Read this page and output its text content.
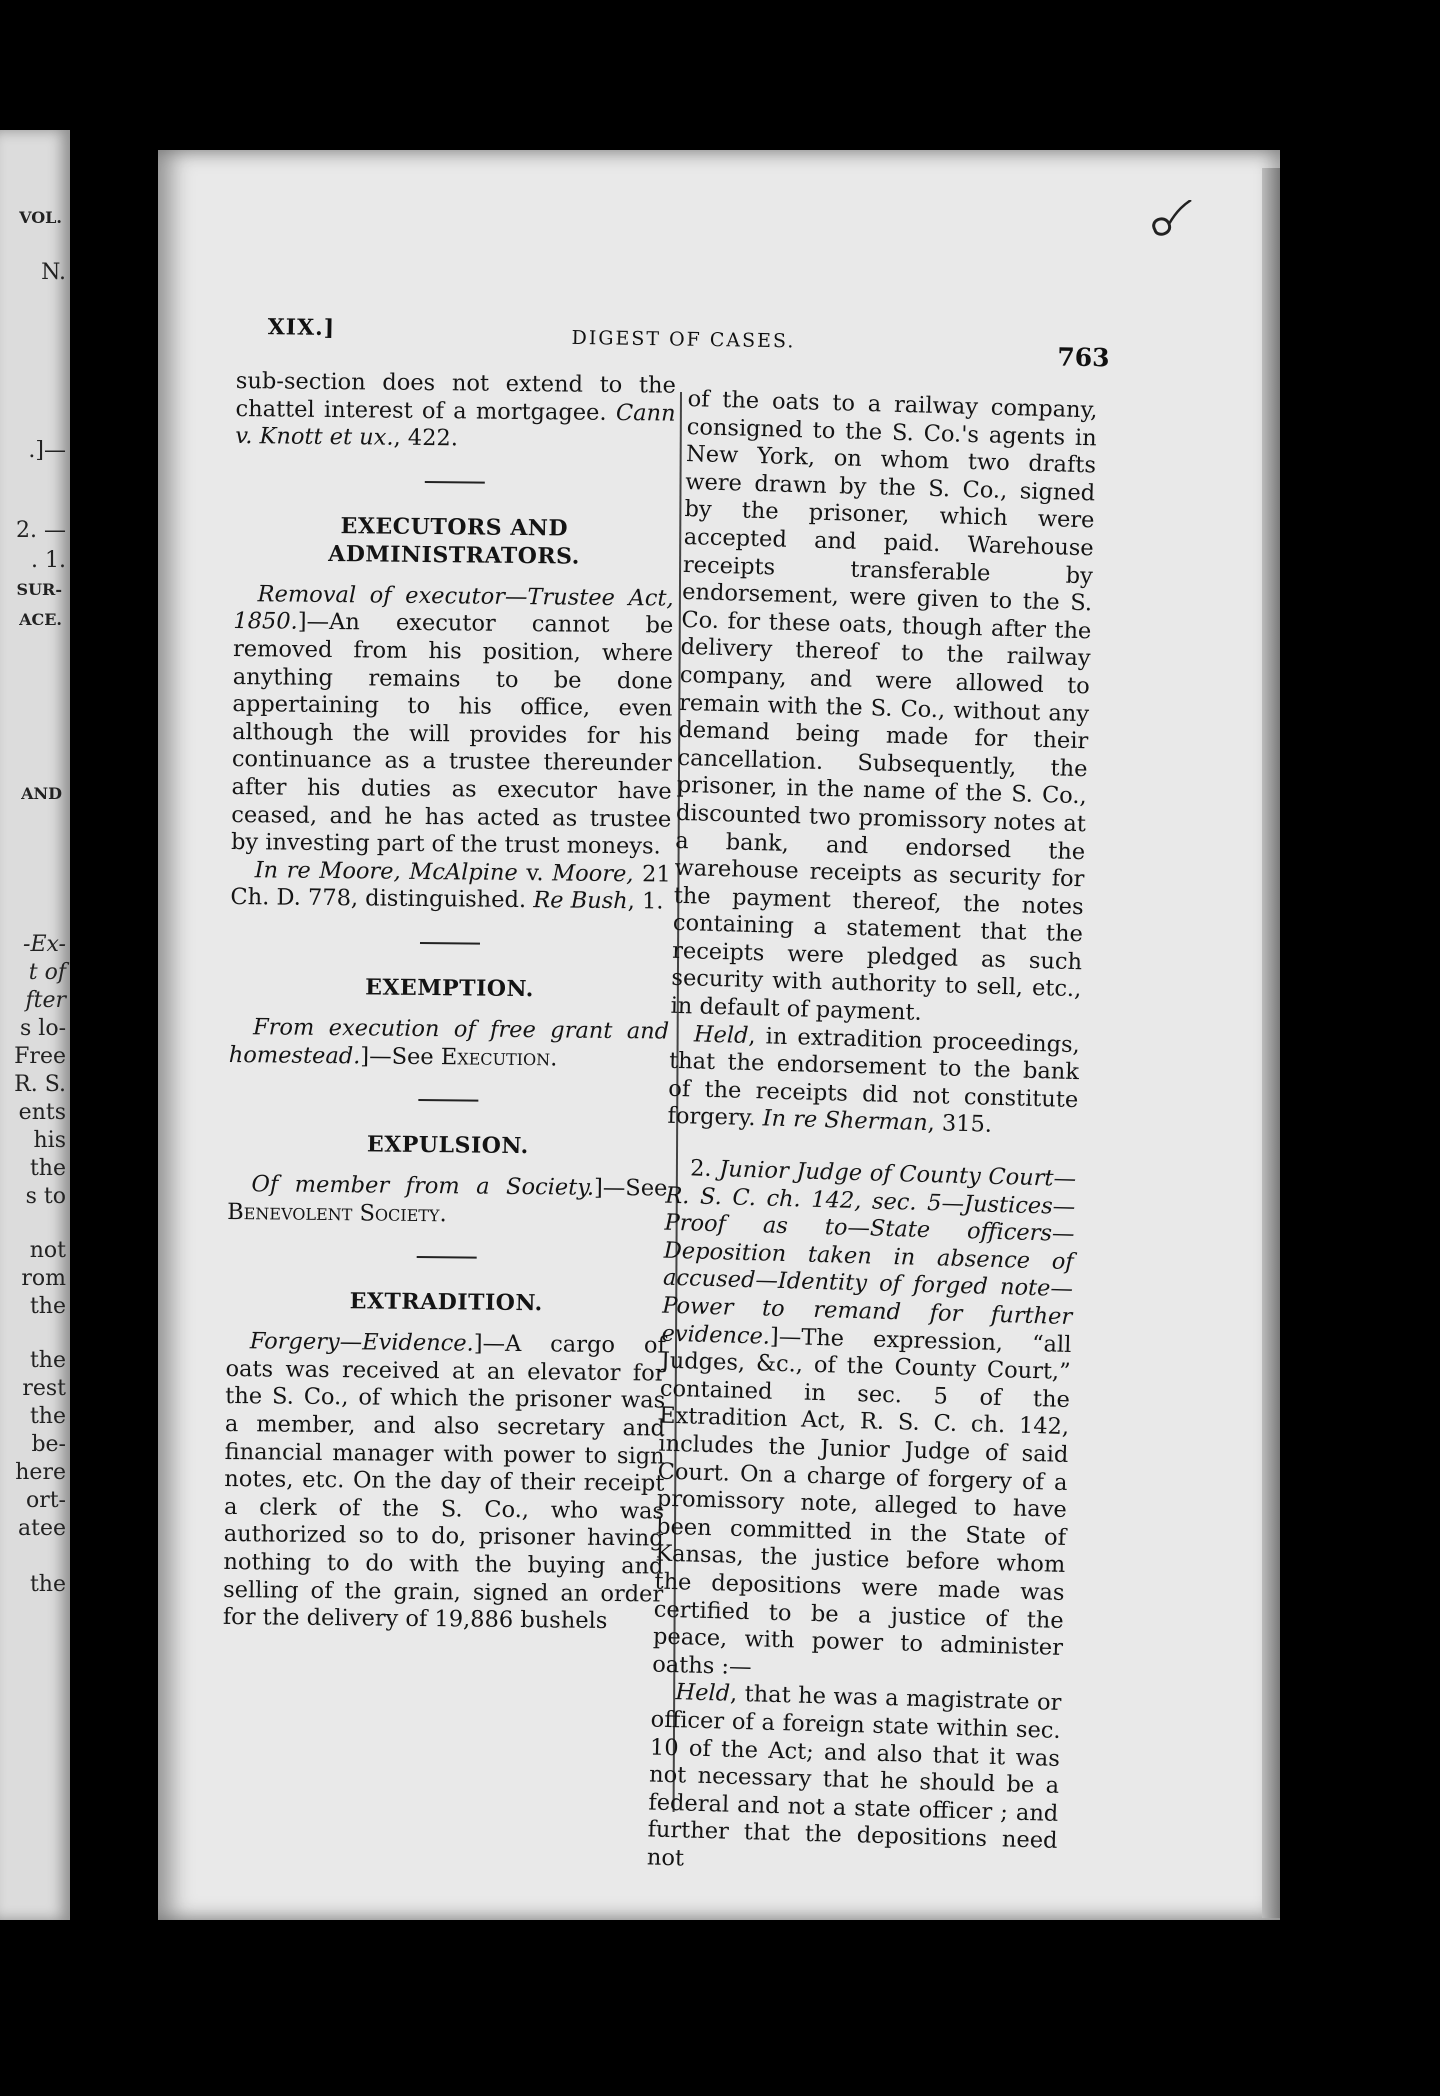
VOL.
N.
.]—
2. —
. 1.
SUR-
ACE.
AND
-Ex-
t of
fter
s lo-
Free
R. S.
ents
his
the
s to
not
rom
the
the
rest
the
be-
here
ort-
atee
the
XIX.]	DIGEST OF CASES.
763

sub-section does not extend to the chattel interest of a mortgagee. Cann v. Knott et ux., 422.

EXECUTORS AND ADMINISTRATORS.

Removal of executor—Trustee Act, 1850.]—An executor cannot be removed from his position, where anything remains to be done appertaining to his office, even although the will provides for his continuance as a trustee thereunder after his duties as executor have ceased, and he has acted as trustee by investing part of the trust moneys.

In re Moore, McAlpine v. Moore, 21 Ch. D. 778, distinguished. Re Bush, 1.

EXEMPTION.

From execution of free grant and homestead.]—See Execution.

EXPULSION.

Of member from a Society.]—See Benevolent Society.

EXTRADITION.

Forgery—Evidence.]—A cargo of oats was received at an elevator for the S. Co., of which the prisoner was a member, and also secretary and financial manager with power to sign notes, etc. On the day of their receipt a clerk of the S. Co., who was authorized so to do, prisoner having nothing to do with the buying and selling of the grain, signed an order for the delivery of 19,886 bushels

of the oats to a railway company, consigned to the S. Co.'s agents in New York, on whom two drafts were drawn by the S. Co., signed by the prisoner, which were accepted and paid. Warehouse receipts transferable by endorsement, were given to the S. Co. for these oats, though after the delivery thereof to the railway company, and were allowed to remain with the S. Co., without any demand being made for their cancellation. Subsequently, the prisoner, in the name of the S. Co., discounted two promissory notes at a bank, and endorsed the warehouse receipts as security for the payment thereof, the notes containing a statement that the receipts were pledged as such security with authority to sell, etc., in default of payment.

Held, in extradition proceedings, that the endorsement to the bank of the receipts did not constitute forgery. In re Sherman, 315.

2. Junior Judge of County Court—R. S. C. ch. 142, sec. 5—Justices—Proof as to—State officers—Deposition taken in absence of accused—Identity of forged note—Power to remand for further evidence.]—The expression, “all Judges, &c., of the County Court,” contained in sec. 5 of the Extradition Act, R. S. C. ch. 142, includes the Junior Judge of said Court. On a charge of forgery of a promissory note, alleged to have been committed in the State of Kansas, the justice before whom the depositions were made was certified to be a justice of the peace, with power to administer oaths :—

Held, that he was a magistrate or officer of a foreign state within sec. 10 of the Act; and also that it was not necessary that he should be a federal and not a state officer ; and further that the depositions need not
